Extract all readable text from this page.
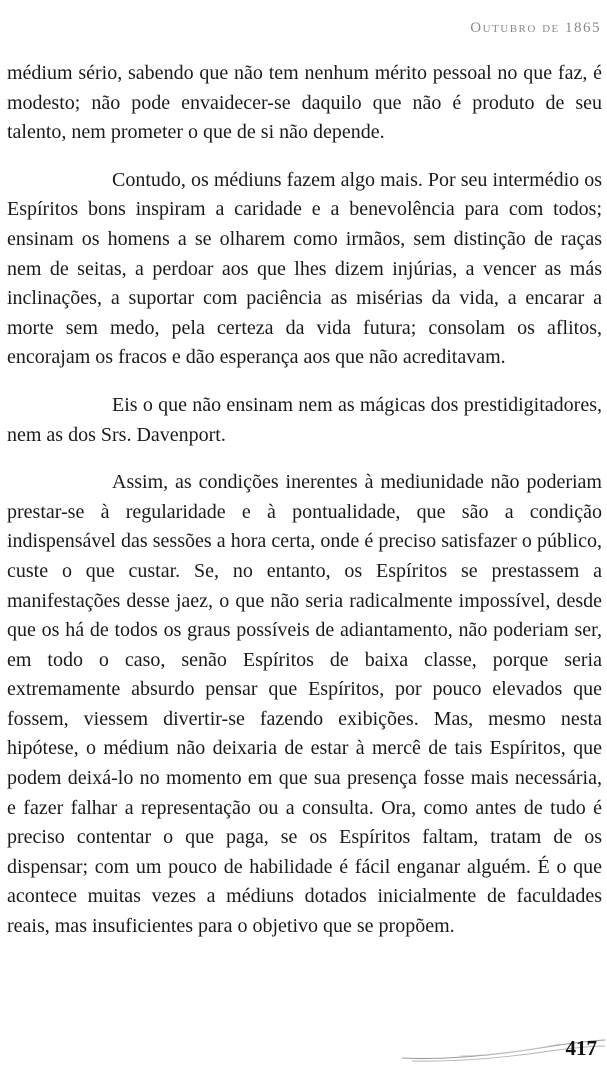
Outubro de 1865

médium sério, sabendo que não tem nenhum mérito pessoal no que faz, é modesto; não pode envaidecer-se daquilo que não é produto de seu talento, nem prometer o que de si não depende.

Contudo, os médiuns fazem algo mais. Por seu intermédio os Espíritos bons inspiram a caridade e a benevolência para com todos; ensinam os homens a se olharem como irmãos, sem distinção de raças nem de seitas, a perdoar aos que lhes dizem injúrias, a vencer as más inclinações, a suportar com paciência as misérias da vida, a encarar a morte sem medo, pela certeza da vida futura; consolam os aflitos, encorajam os fracos e dão esperança aos que não acreditavam.

Eis o que não ensinam nem as mágicas dos prestidigitadores, nem as dos Srs. Davenport.

Assim, as condições inerentes à mediunidade não poderiam prestar-se à regularidade e à pontualidade, que são a condição indispensável das sessões a hora certa, onde é preciso satisfazer o público, custe o que custar. Se, no entanto, os Espíritos se prestassem a manifestações desse jaez, o que não seria radicalmente impossível, desde que os há de todos os graus possíveis de adiantamento, não poderiam ser, em todo o caso, senão Espíritos de baixa classe, porque seria extremamente absurdo pensar que Espíritos, por pouco elevados que fossem, viessem divertir-se fazendo exibições. Mas, mesmo nesta hipótese, o médium não deixaria de estar à mercê de tais Espíritos, que podem deixá-lo no momento em que sua presença fosse mais necessária, e fazer falhar a representação ou a consulta. Ora, como antes de tudo é preciso contentar o que paga, se os Espíritos faltam, tratam de os dispensar; com um pouco de habilidade é fácil enganar alguém. É o que acontece muitas vezes a médiuns dotados inicialmente de faculdades reais, mas insuficientes para o objetivo que se propõem.

417
